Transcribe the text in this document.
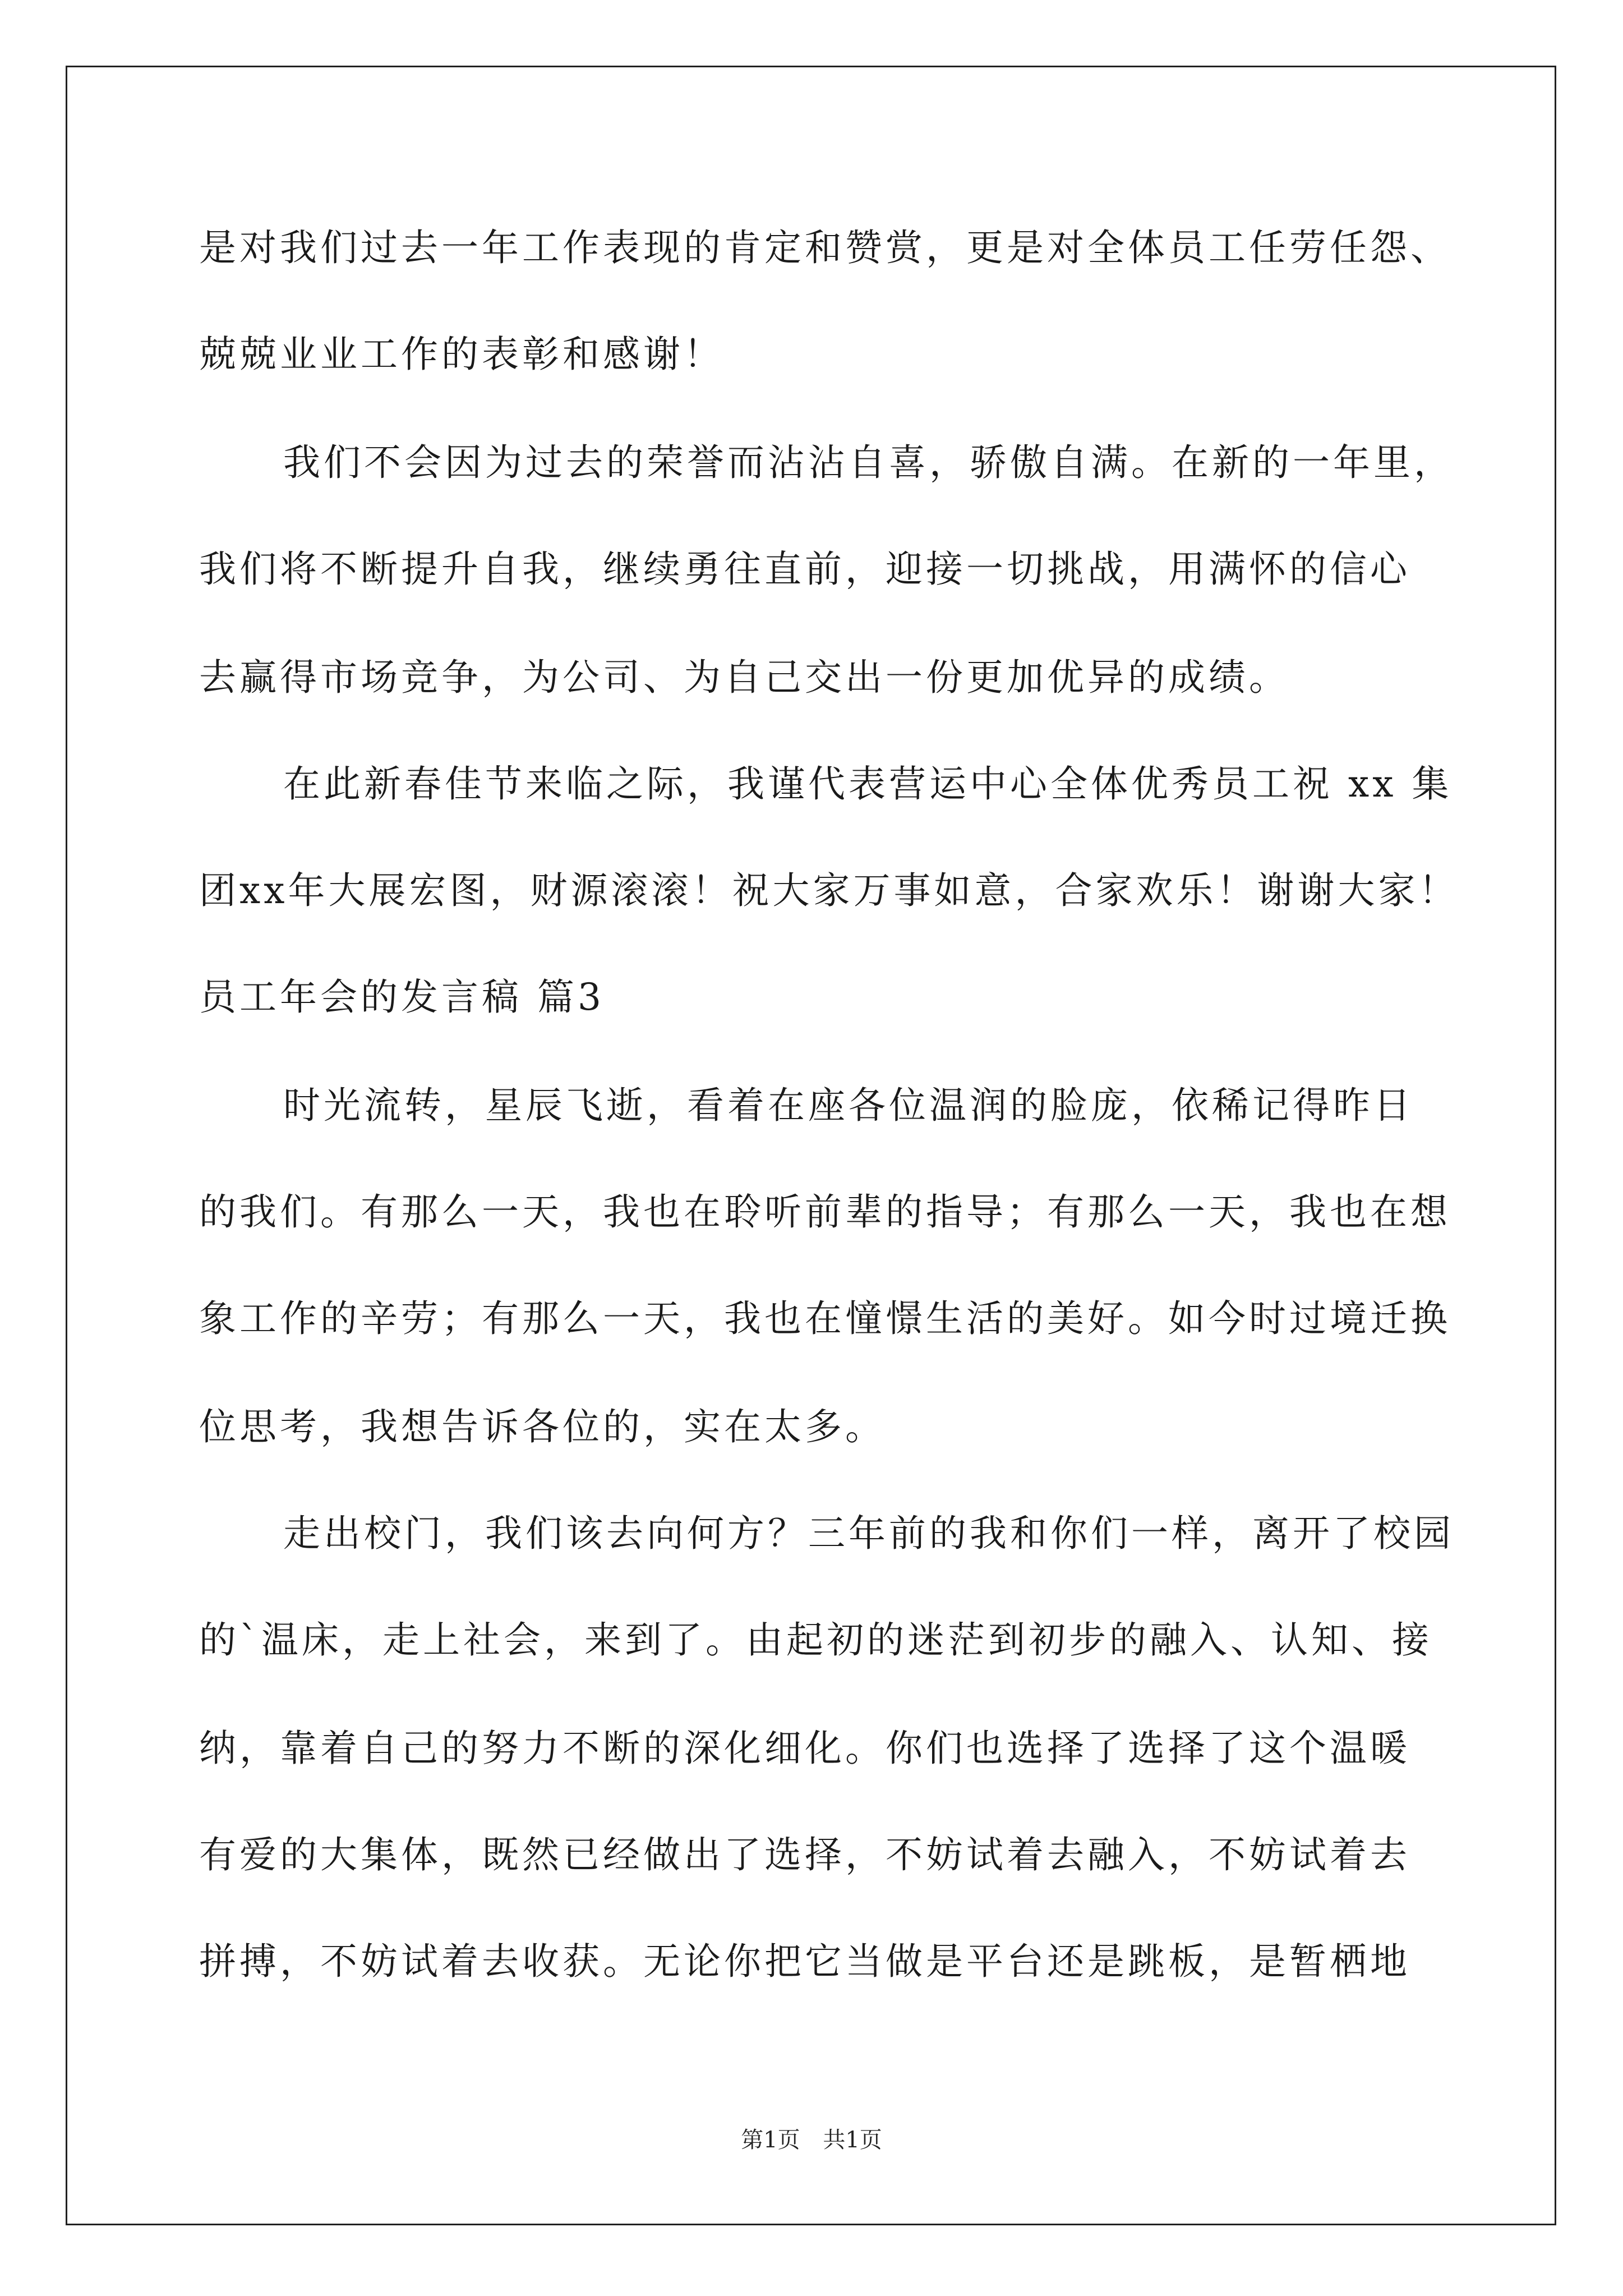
是对我们过去一年工作表现的肯定和赞赏，更是对全体员工任劳任怨、
兢兢业业工作的表彰和感谢！
我们不会因为过去的荣誉而沾沾自喜，骄傲自满。在新的一年里，
我们将不断提升自我，继续勇往直前，迎接一切挑战，用满怀的信心
去赢得市场竞争，为公司、为自己交出一份更加优异的成绩。
在此新春佳节来临之际，我谨代表营运中心全体优秀员工祝 xx 集
团xx年大展宏图，财源滚滚！祝大家万事如意，合家欢乐！谢谢大家！
员工年会的发言稿 篇3
时光流转，星辰飞逝，看着在座各位温润的脸庞，依稀记得昨日
的我们。有那么一天，我也在聆听前辈的指导；有那么一天，我也在想
象工作的辛劳；有那么一天，我也在憧憬生活的美好。如今时过境迁换
位思考，我想告诉各位的，实在太多。
走出校门，我们该去向何方？三年前的我和你们一样，离开了校园
的`温床，走上社会，来到了。由起初的迷茫到初步的融入、认知、接
纳，靠着自己的努力不断的深化细化。你们也选择了选择了这个温暖
有爱的大集体，既然已经做出了选择，不妨试着去融入，不妨试着去
拼搏，不妨试着去收获。无论你把它当做是平台还是跳板，是暂栖地
第1页 共1页
